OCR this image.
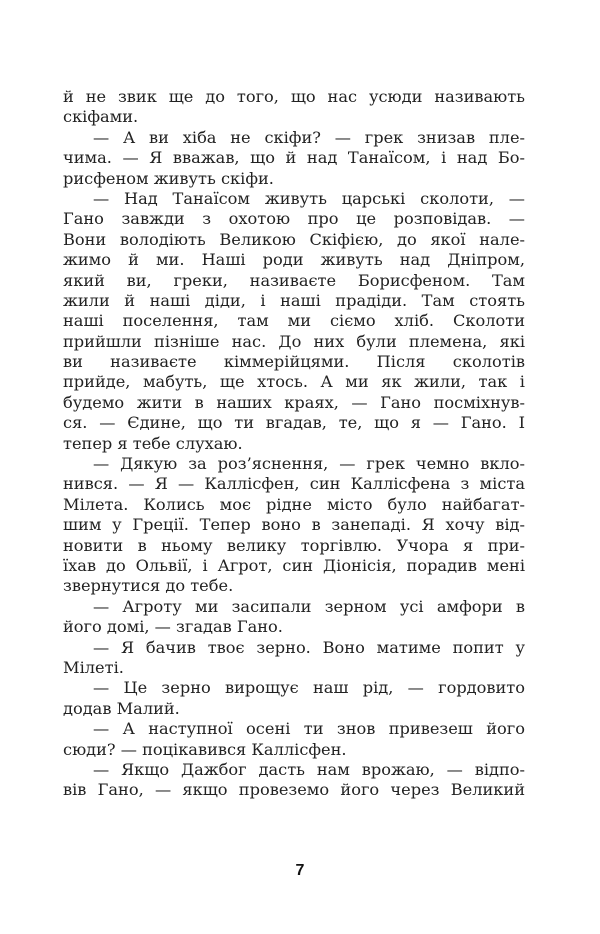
й не звик ще до того, що нас усюди називають
скіфами.
— А ви хіба не скіфи? — грек знизав пле-
чима. — Я вважав, що й над Танаїсом, і над Бо-
рисфеном живуть скіфи.
— Над Танаїсом живуть царські сколоти, —
Гано завжди з охотою про це розповідав. —
Вони володіють Великою Скіфією, до якої нале-
жимо й ми. Наші роди живуть над Дніпром,
який ви, греки, називаєте Борисфеном. Там
жили й наші діди, і наші прадіди. Там стоять
наші поселення, там ми сіємо хліб. Сколоти
прийшли пізніше нас. До них були племена, які
ви називаєте кіммерійцями. Після сколотів
прийде, мабуть, ще хтось. А ми як жили, так і
будемо жити в наших краях, — Гано посміхнув-
ся. — Єдине, що ти вгадав, те, що я — Гано. І
тепер я тебе слухаю.
— Дякую за роз’яснення, — грек чемно вкло-
нився. — Я — Каллісфен, син Каллісфена з міста
Мілета. Колись моє рідне місто було найбагат-
шим у Греції. Тепер воно в занепаді. Я хочу від-
новити в ньому велику торгівлю. Учора я при-
їхав до Ольвії, і Агрот, син Діонісія, порадив мені
звернутися до тебе.
— Агроту ми засипали зерном усі амфори в
його домі, — згадав Гано.
— Я бачив твоє зерно. Воно матиме попит у
Мілеті.
— Це зерно вирощує наш рід, — гордовито
додав Малий.
— А наступної осені ти знов привезеш його
сюди? — поцікавився Каллісфен.
— Якщо Дажбог дасть нам врожаю, — відпо-
вів Гано, — якщо провеземо його через Великий
7
